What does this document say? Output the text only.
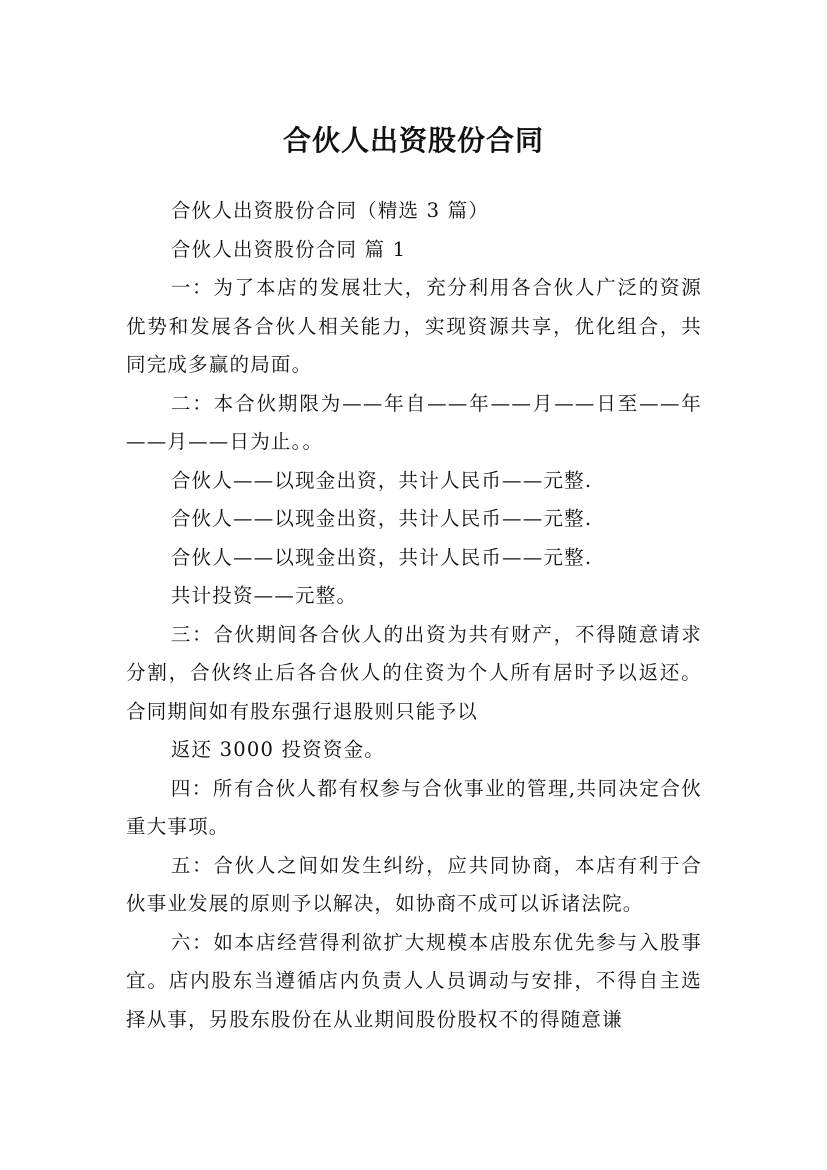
合伙人出资股份合同

合伙人出资股份合同（精选 3 篇）

合伙人出资股份合同 篇 1

一：为了本店的发展壮大，充分利用各合伙人广泛的资源优势和发展各合伙人相关能力，实现资源共享，优化组合，共同完成多赢的局面。

二：本合伙期限为——年自——年——月——日至——年——月——日为止。。

合伙人——以现金出资，共计人民币——元整.

合伙人——以现金出资，共计人民币——元整.

合伙人——以现金出资，共计人民币——元整.

共计投资——元整。

三：合伙期间各合伙人的出资为共有财产，不得随意请求分割，合伙终止后各合伙人的住资为个人所有居时予以返还。合同期间如有股东强行退股则只能予以

返还 3000 投资资金。

四：所有合伙人都有权参与合伙事业的管理,共同决定合伙重大事项。

五：合伙人之间如发生纠纷，应共同协商，本店有利于合伙事业发展的原则予以解决，如协商不成可以诉诸法院。

六：如本店经营得利欲扩大规模本店股东优先参与入股事宜。店内股东当遵循店内负责人人员调动与安排，不得自主选择从事，另股东股份在从业期间股份股权不的得随意谦
